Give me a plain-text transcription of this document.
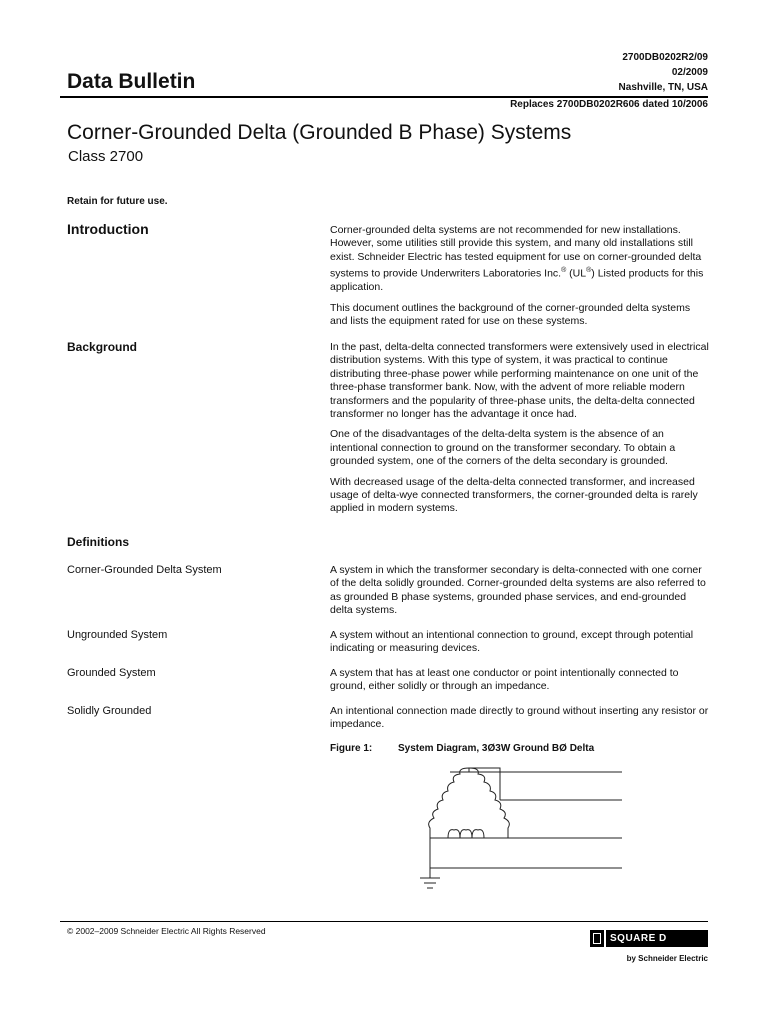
2700DB0202R2/09
02/2009
Nashville, TN, USA
Data Bulletin
Replaces 2700DB0202R606 dated 10/2006
Corner-Grounded Delta (Grounded B Phase) Systems
Class 2700
Retain for future use.
Introduction	Corner-grounded delta systems are not recommended for new installations. However, some utilities still provide this system, and many old installations still exist. Schneider Electric has tested equipment for use on corner-grounded delta systems to provide Underwriters Laboratories Inc.® (UL®) Listed products for this application.

This document outlines the background of the corner-grounded delta systems and lists the equipment rated for use on these systems.

Background	In the past, delta-delta connected transformers were extensively used in electrical distribution systems. With this type of system, it was practical to continue distributing three-phase power while performing maintenance on one unit of the three-phase transformer bank. Now, with the advent of more reliable modern transformers and the popularity of three-phase units, the delta-delta connected transformer no longer has the advantage it once had.

One of the disadvantages of the delta-delta system is the absence of an intentional connection to ground on the transformer secondary. To obtain a grounded system, one of the corners of the delta secondary is grounded.

With decreased usage of the delta-delta connected transformer, and increased usage of delta-wye connected transformers, the corner-grounded delta is rarely applied in modern systems.

Definitions
Corner-Grounded Delta System	A system in which the transformer secondary is delta-connected with one corner of the delta solidly grounded. Corner-grounded delta systems are also referred to as grounded B phase systems, grounded phase services, and end-grounded delta systems.
Ungrounded System	A system without an intentional connection to ground, except through potential indicating or measuring devices.
Grounded System	A system that has at least one conductor or point intentionally connected to ground, either solidly or through an impedance.
Solidly Grounded	An intentional connection made directly to ground without inserting any resistor or impedance.
Figure 1:	System Diagram, 3Ø3W Ground BØ Delta
© 2002–2009 Schneider Electric All Rights Reserved
SQUARE D
by Schneider Electric
